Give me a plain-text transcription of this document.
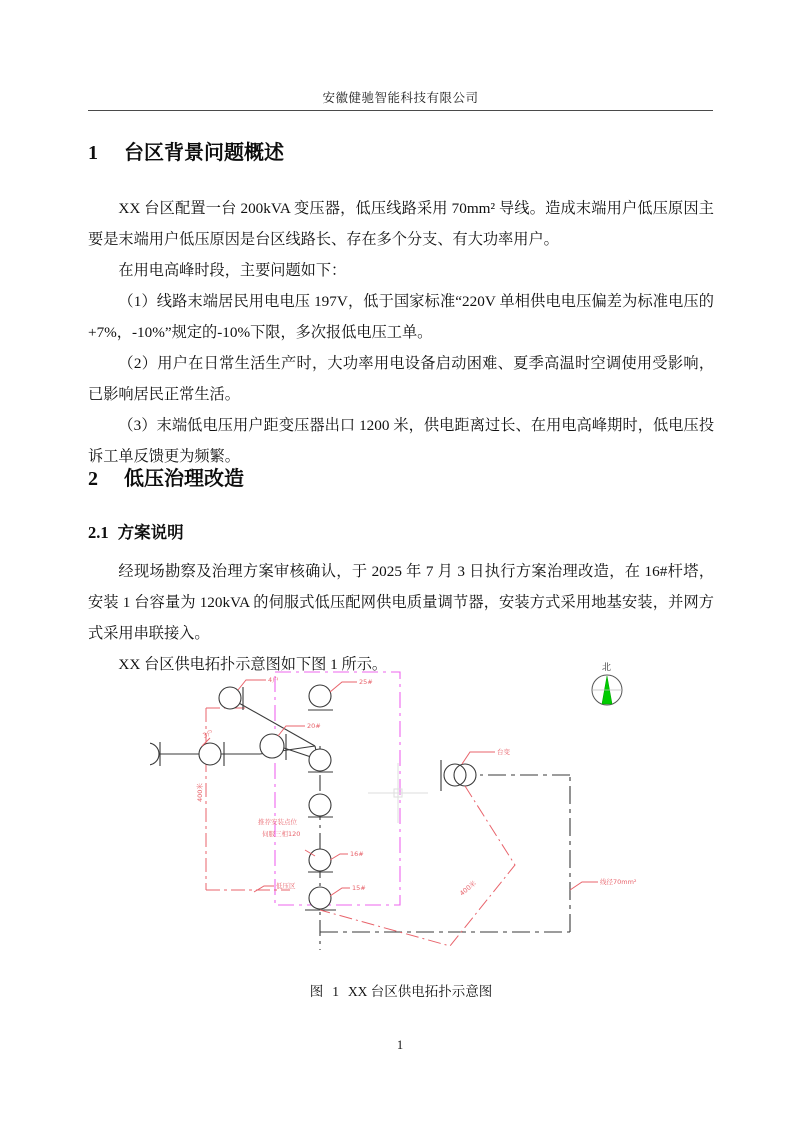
安徽健驰智能科技有限公司
1 台区背景问题概述

XX 台区配置一台 200kVA 变压器，低压线路采用 70mm² 导线。造成末端用户低压原因主要是末端用户低压原因是台区线路长、存在多个分支、有大功率用户。

在用电高峰时段，主要问题如下：

（1）线路末端居民用电电压 197V，低于国家标准“220V 单相供电电压偏差为标准电压的+7%，-10%”规定的-10%下限，多次报低电压工单。

（2）用户在日常生活生产时，大功率用电设备启动困难、夏季高温时空调使用受影响，已影响居民正常生活。

（3）末端低电压用户距变压器出口 1200 米，供电距离过长、在用电高峰期时，低电压投诉工单反馈更为频繁。

2 低压治理改造
2.1 方案说明

经现场勘察及治理方案审核确认，于 2025 年 7 月 3 日执行方案治理改造，在 16#杆塔，安装 1 台容量为 120kVA 的伺服式低压配网供电质量调节器，安装方式采用地基安装，并网方式采用串联接入。

XX 台区供电拓扑示意图如下图 1 所示。

3户
4户
20#
25#
16#
15#
台变
低压区
推荐安装点位
伺服三相120
400米
400米	线径70mm²
北
图 1 XX 台区供电拓扑示意图
1
